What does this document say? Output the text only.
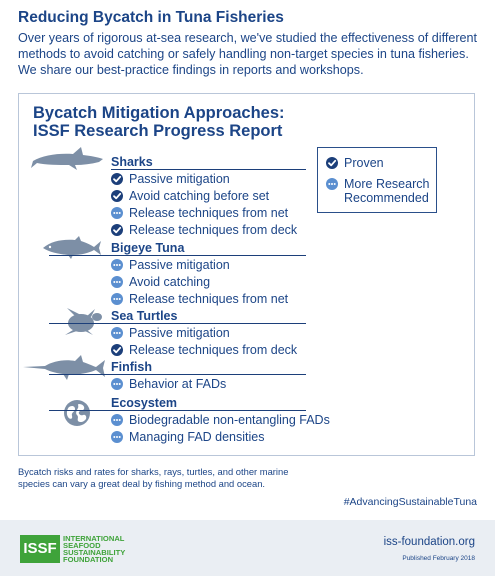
Reducing Bycatch in Tuna Fisheries

Over years of rigorous at-sea research, we've studied the effectiveness of different methods to avoid catching or safely handling non-target species in tuna fisheries. We share our best-practice findings in reports and workshops.

Bycatch Mitigation Approaches:
ISSF Research Progress Report
Proven
More Research
Recommended
Sharks
Passive mitigation
Avoid catching before set
Release techniques from net
Release techniques from deck
Bigeye Tuna
Passive mitigation
Avoid catching
Release techniques from net
Sea Turtles
Passive mitigation
Release techniques from deck
Finfish
Behavior at FADs
Ecosystem
Biodegradable non-entangling FADs
Managing FAD densities
Bycatch risks and rates for sharks, rays, turtles, and other marine species can vary a great deal by fishing method and ocean.
#AdvancingSustainableTuna
ISSF
INTERNATIONAL
SEAFOOD
SUSTAINABILITY
FOUNDATION
iss-foundation.org
Published February 2018
